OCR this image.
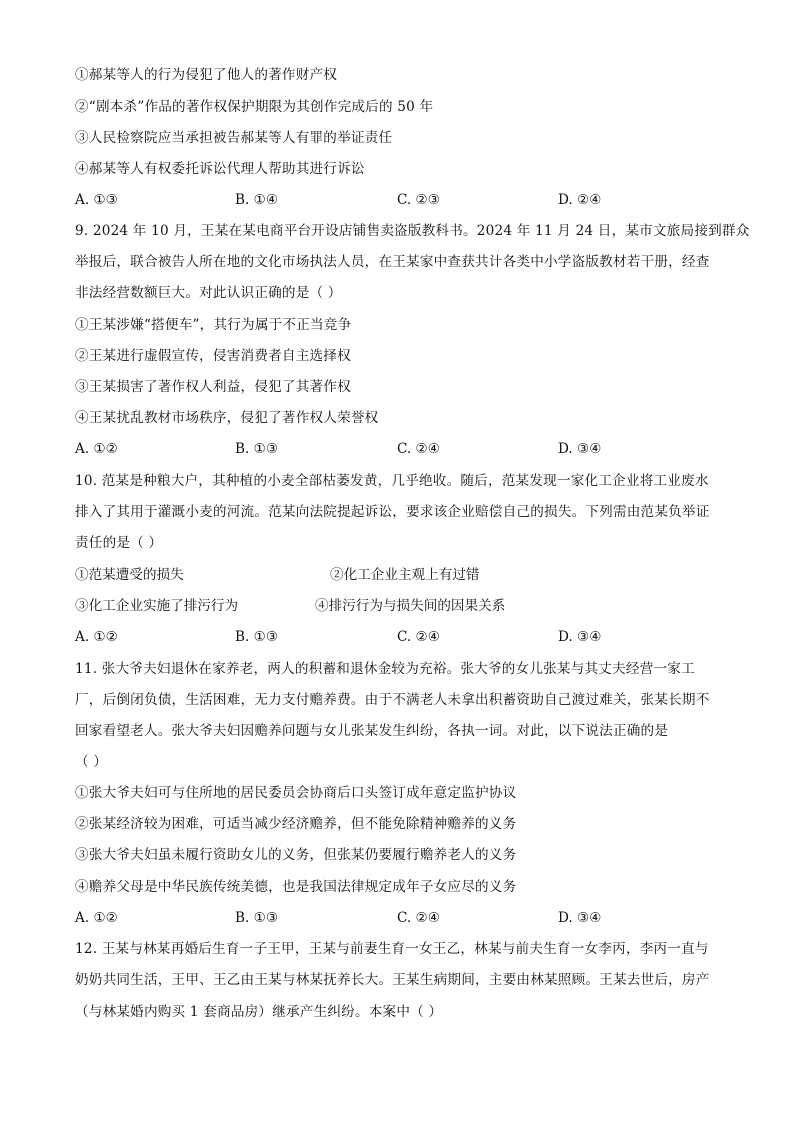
①郝某等人的行为侵犯了他人的著作财产权
②“剧本杀”作品的著作权保护期限为其创作完成后的 50 年
③人民检察院应当承担被告郝某等人有罪的举证责任
④郝某等人有权委托诉讼代理人帮助其进行诉讼
A. ①③	B. ①④	C. ②③	D. ②④
9. 2024 年 10 月，王某在某电商平台开设店铺售卖盗版教科书。2024 年 11 月 24 日，某市文旅局接到群众
举报后，联合被告人所在地的文化市场执法人员，在王某家中查获共计各类中小学盗版教材若干册，经查
非法经营数额巨大。对此认识正确的是（ ）
①王某涉嫌“搭便车”，其行为属于不正当竞争
②王某进行虚假宣传，侵害消费者自主选择权
③王某损害了著作权人利益，侵犯了其著作权
④王某扰乱教材市场秩序，侵犯了著作权人荣誉权
A. ①②	B. ①③	C. ②④	D. ③④
10. 范某是种粮大户，其种植的小麦全部枯萎发黄，几乎绝收。随后，范某发现一家化工企业将工业废水
排入了其用于灌溉小麦的河流。范某向法院提起诉讼，要求该企业赔偿自己的损失。下列需由范某负举证
责任的是（ ）
①范某遭受的损失	②化工企业主观上有过错
③化工企业实施了排污行为	④排污行为与损失间的因果关系
A. ①②	B. ①③	C. ②④	D. ③④
11. 张大爷夫妇退休在家养老，两人的积蓄和退休金较为充裕。张大爷的女儿张某与其丈夫经营一家工
厂，后倒闭负债，生活困难，无力支付赡养费。由于不满老人未拿出积蓄资助自己渡过难关，张某长期不
回家看望老人。张大爷夫妇因赡养问题与女儿张某发生纠纷，各执一词。对此，以下说法正确的是
（ ）
①张大爷夫妇可与住所地的居民委员会协商后口头签订成年意定监护协议
②张某经济较为困难，可适当减少经济赡养，但不能免除精神赡养的义务
③张大爷夫妇虽未履行资助女儿的义务，但张某仍要履行赡养老人的义务
④赡养父母是中华民族传统美德，也是我国法律规定成年子女应尽的义务
A. ①②	B. ①③	C. ②④	D. ③④
12. 王某与林某再婚后生育一子王甲，王某与前妻生育一女王乙，林某与前夫生育一女李丙，李丙一直与
奶奶共同生活，王甲、王乙由王某与林某抚养长大。王某生病期间，主要由林某照顾。王某去世后，房产
（与林某婚内购买 1 套商品房）继承产生纠纷。本案中（ ）
